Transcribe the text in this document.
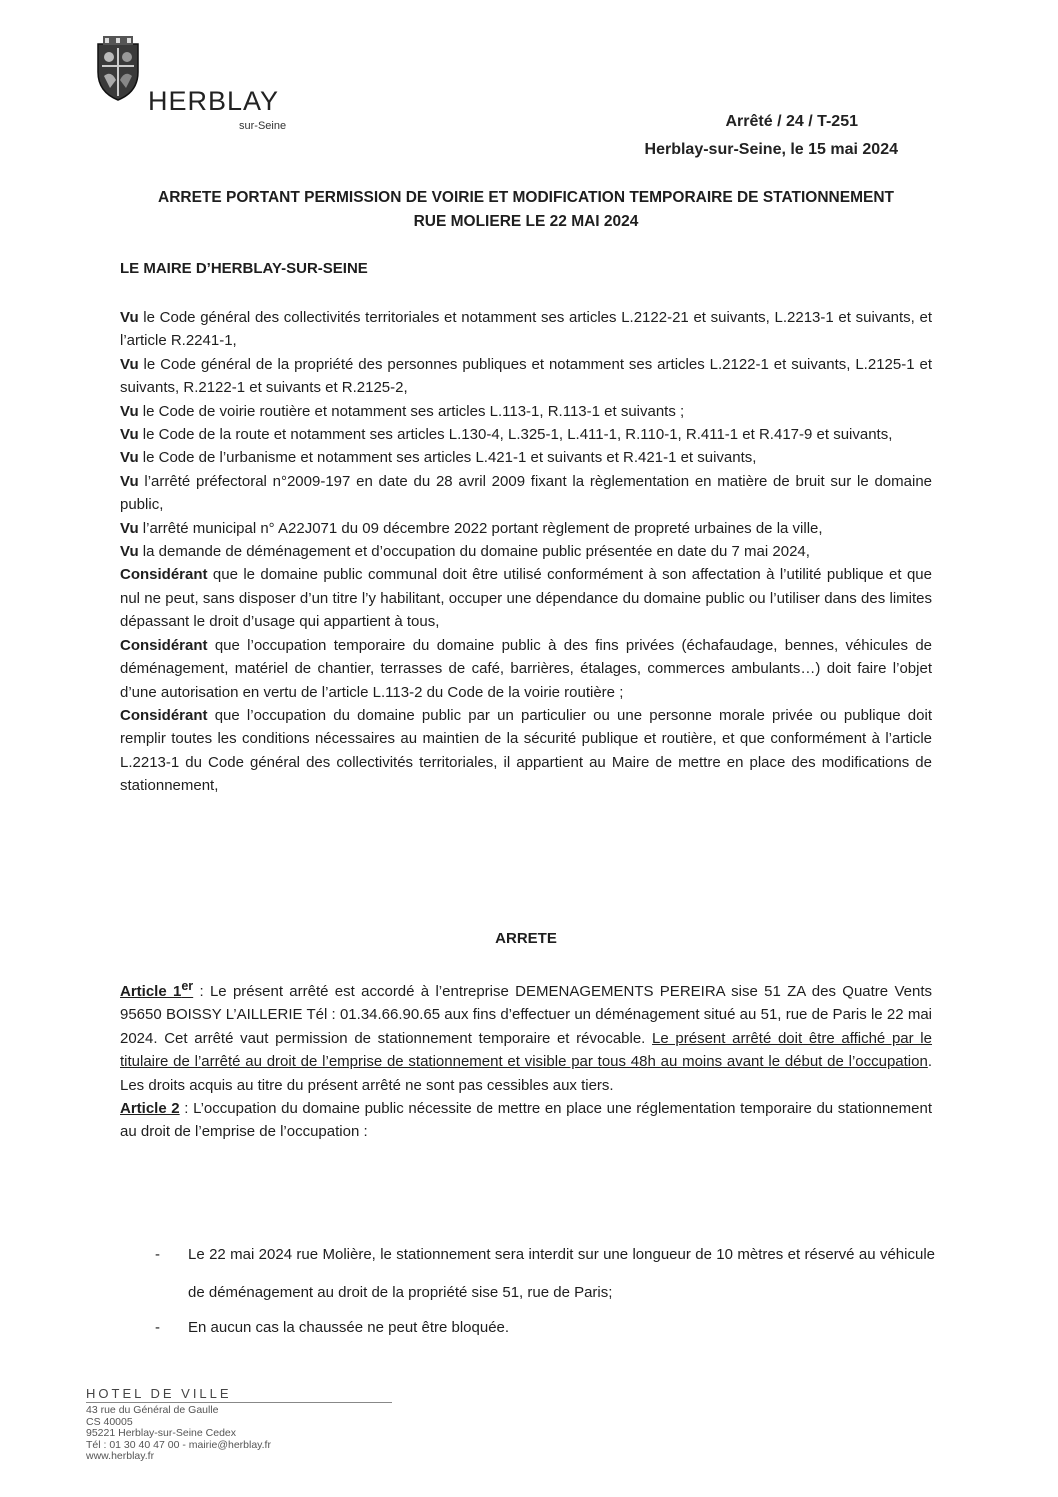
HERBLAY
sur-Seine	Arrêté / 24 / T-251
Herblay-sur-Seine, le 15 mai 2024
ARRETE PORTANT PERMISSION DE VOIRIE ET MODIFICATION TEMPORAIRE DE STATIONNEMENT
RUE MOLIERE LE 22 MAI 2024
LE MAIRE D’HERBLAY-SUR-SEINE

Vu le Code général des collectivités territoriales et notamment ses articles L.2122-21 et suivants, L.2213-1 et suivants, et l’article R.2241-1,

Vu le Code général de la propriété des personnes publiques et notamment ses articles L.2122-1 et suivants, L.2125-1 et suivants, R.2122-1 et suivants et R.2125-2,

Vu le Code de voirie routière et notamment ses articles L.113-1, R.113-1 et suivants ;

Vu le Code de la route et notamment ses articles L.130-4, L.325-1, L.411-1, R.110-1, R.411-1 et R.417-9 et suivants,

Vu le Code de l’urbanisme et notamment ses articles L.421-1 et suivants et R.421-1 et suivants,

Vu l’arrêté préfectoral n°2009-197 en date du 28 avril 2009 fixant la règlementation en matière de bruit sur le domaine public,

Vu l’arrêté municipal n° A22J071 du 09 décembre 2022 portant règlement de propreté urbaines de la ville,

Vu la demande de déménagement et d’occupation du domaine public présentée en date du 7 mai 2024,

Considérant que le domaine public communal doit être utilisé conformément à son affectation à l’utilité publique et que nul ne peut, sans disposer d’un titre l’y habilitant, occuper une dépendance du domaine public ou l’utiliser dans des limites dépassant le droit d’usage qui appartient à tous,

Considérant que l’occupation temporaire du domaine public à des fins privées (échafaudage, bennes, véhicules de déménagement, matériel de chantier, terrasses de café, barrières, étalages, commerces ambulants…) doit faire l’objet d’une autorisation en vertu de l’article L.113-2 du Code de la voirie routière ;

Considérant que l’occupation du domaine public par un particulier ou une personne morale privée ou publique doit remplir toutes les conditions nécessaires au maintien de la sécurité publique et routière, et que conformément à l’article L.2213-1 du Code général des collectivités territoriales, il appartient au Maire de mettre en place des modifications de stationnement,

ARRETE

Article 1er : Le présent arrêté est accordé à l’entreprise DEMENAGEMENTS PEREIRA sise 51 ZA des Quatre Vents 95650 BOISSY L’AILLERIE Tél : 01.34.66.90.65 aux fins d’effectuer un déménagement situé au 51, rue de Paris le 22 mai 2024. Cet arrêté vaut permission de stationnement temporaire et révocable. Le présent arrêté doit être affiché par le titulaire de l’arrêté au droit de l’emprise de stationnement et visible par tous 48h au moins avant le début de l’occupation. Les droits acquis au titre du présent arrêté ne sont pas cessibles aux tiers.

Article 2 : L’occupation du domaine public nécessite de mettre en place une réglementation temporaire du stationnement au droit de l’emprise de l’occupation :

- Le 22 mai 2024 rue Molière, le stationnement sera interdit sur une longueur de 10 mètres et réservé au véhicule de déménagement au droit de la propriété sise 51, rue de Paris;
- En aucun cas la chaussée ne peut être bloquée.
HOTEL DE VILLE
43 rue du Général de Gaulle
CS 40005
95221 Herblay-sur-Seine Cedex
Tél : 01 30 40 47 00 - mairie@herblay.fr
www.herblay.fr
